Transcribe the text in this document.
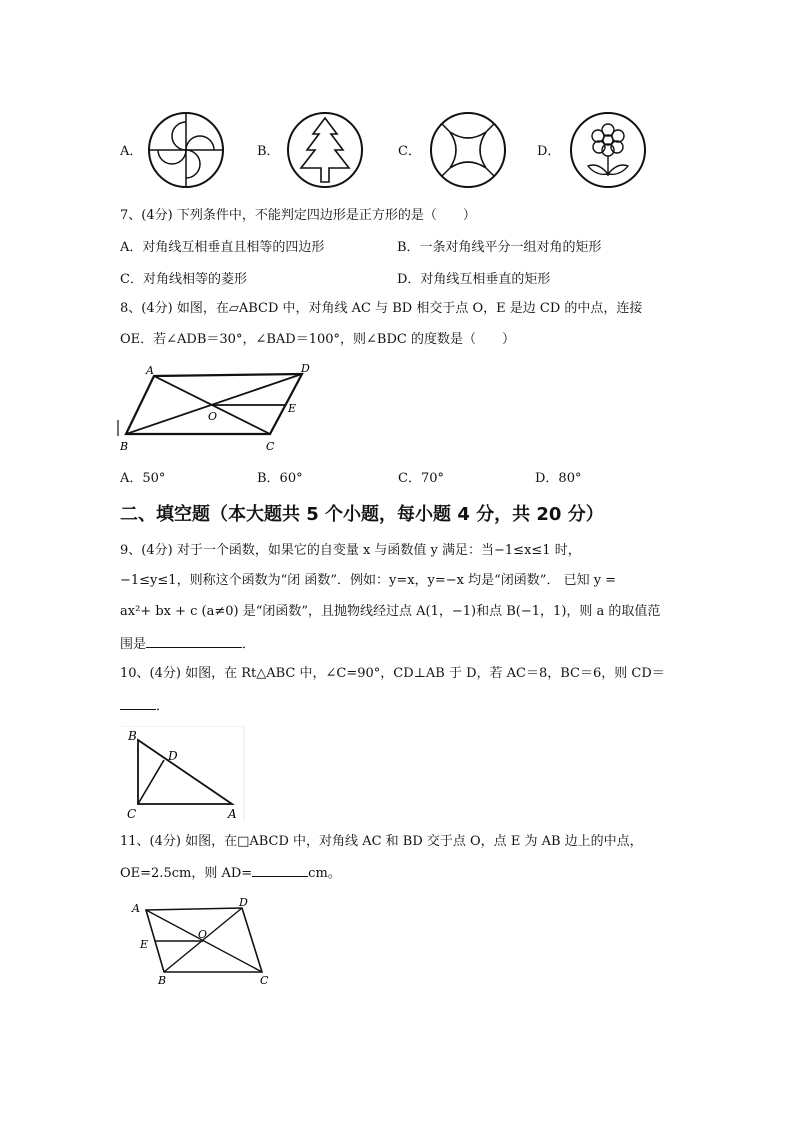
A．	B．	C．	D．
7、(4分) 下列条件中，不能判定四边形是正方形的是（　　）
A．对角线互相垂直且相等的四边形	B．一条对角线平分一组对角的矩形
C．对角线相等的菱形	D．对角线互相垂直的矩形
8、(4分) 如图，在▱ABCD 中，对角线 AC 与 BD 相交于点 O，E 是边 CD 的中点，连接
OE．若∠ADB＝30°，∠BAD＝100°，则∠BDC 的度数是（　　）
A	D
O
E
B	C
A．50°	B．60°	C．70°	D．80°
二、填空题（本大题共 5 个小题，每小题 4 分，共 20 分）
9、(4分) 对于一个函数，如果它的自变量 x 与函数值 y 满足：当−1≤x≤1 时，
−1≤y≤1，则称这个函数为“闭 函数”．例如：y=x，y=−x 均是“闭函数”． 已知 y =
ax²+ bx + c (a≠0) 是“闭函数”，且抛物线经过点 A(1，−1)和点 B(−1，1)，则 a 的取值范
围是	．
10、(4分) 如图，在 Rt△ABC 中，∠C=90°，CD⊥AB 于 D，若 AC＝8，BC＝6，则 CD＝
．
B
D
C	A
11、(4分) 如图，在□ABCD 中，对角线 AC 和 BD 交于点 O，点 E 为 AB 边上的中点，
OE=2.5cm，则 AD=	cm。
A	D
E
O
B	C
